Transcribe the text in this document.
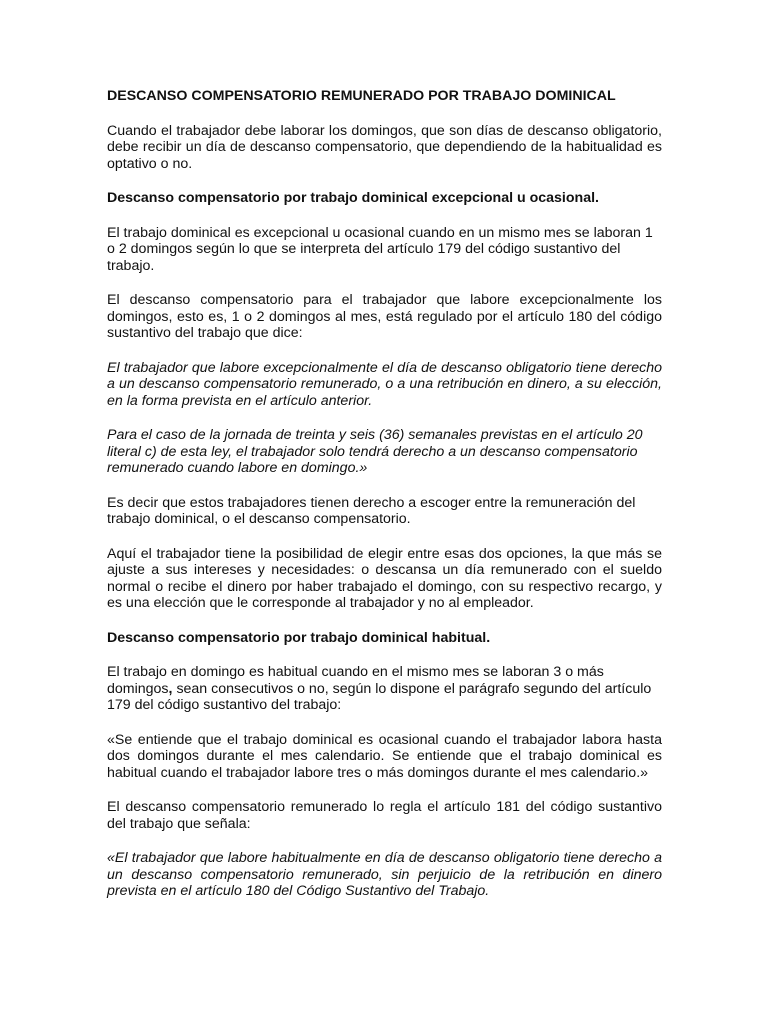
DESCANSO COMPENSATORIO REMUNERADO POR TRABAJO DOMINICAL

Cuando el trabajador debe laborar los domingos, que son días de descanso obligatorio, debe recibir un día de descanso compensatorio, que dependiendo de la habitualidad es optativo o no.

Descanso compensatorio por trabajo dominical excepcional u ocasional.

El trabajo dominical es excepcional u ocasional cuando en un mismo mes se laboran 1 o 2 domingos según lo que se interpreta del artículo 179 del código sustantivo del trabajo.

El descanso compensatorio para el trabajador que labore excepcionalmente los domingos, esto es, 1 o 2 domingos al mes, está regulado por el artículo 180 del código sustantivo del trabajo que dice:

El trabajador que labore excepcionalmente el día de descanso obligatorio tiene derecho a un descanso compensatorio remunerado, o a una retribución en dinero, a su elección, en la forma prevista en el artículo anterior.

Para el caso de la jornada de treinta y seis (36) semanales previstas en el artículo 20 literal c) de esta ley, el trabajador solo tendrá derecho a un descanso compensatorio remunerado cuando labore en domingo.»

Es decir que estos trabajadores tienen derecho a escoger entre la remuneración del trabajo dominical, o el descanso compensatorio.

Aquí el trabajador tiene la posibilidad de elegir entre esas dos opciones, la que más se ajuste a sus intereses y necesidades: o descansa un día remunerado con el sueldo normal o recibe el dinero por haber trabajado el domingo, con su respectivo recargo, y es una elección que le corresponde al trabajador y no al empleador.

Descanso compensatorio por trabajo dominical habitual.

El trabajo en domingo es habitual cuando en el mismo mes se laboran 3 o más domingos, sean consecutivos o no, según lo dispone el parágrafo segundo del artículo 179 del código sustantivo del trabajo:

«Se entiende que el trabajo dominical es ocasional cuando el trabajador labora hasta dos domingos durante el mes calendario. Se entiende que el trabajo dominical es habitual cuando el trabajador labore tres o más domingos durante el mes calendario.»

El descanso compensatorio remunerado lo regla el artículo 181 del código sustantivo del trabajo que señala:

«El trabajador que labore habitualmente en día de descanso obligatorio tiene derecho a un descanso compensatorio remunerado, sin perjuicio de la retribución en dinero prevista en el artículo 180 del Código Sustantivo del Trabajo.
